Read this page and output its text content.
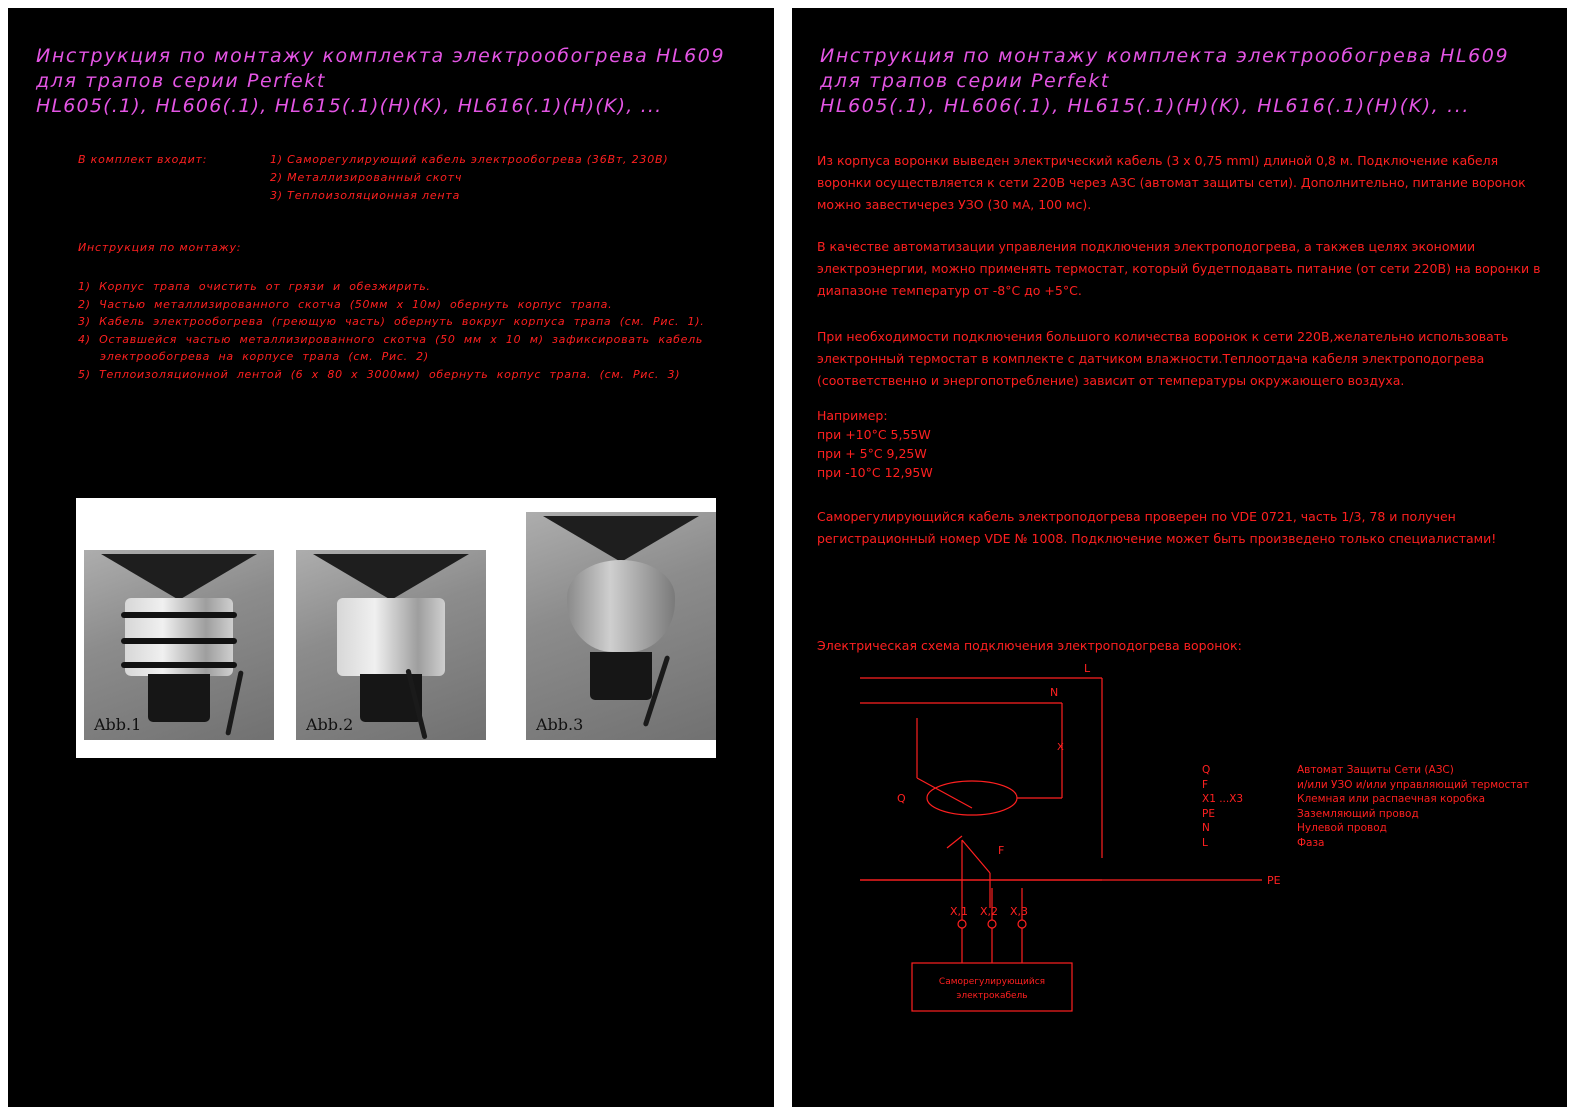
Инструкция по монтажу комплекта электрообогрева HL609
для трапов серии Perfekt
HL605(.1), HL606(.1), HL615(.1)(H)(K), HL616(.1)(H)(K), ...
В комплект входит:	1) Саморегулирующий кабель электрообогрева (36Вт, 230В)
2) Металлизированный скотч
3) Теплоизоляционная лента
Инструкция по монтажу:
1)  Корпус  трапа  очистить  от  грязи  и  обезжирить.
2)  Частью  металлизированного  скотча  (50мм  х  10м)  обернуть  корпус  трапа.
3)  Кабель  электрообогрева  (греющую  часть)  обернуть  вокруг  корпуса  трапа  (см.  Рис.  1).
4)  Оставшейся  частью  металлизированного  скотча  (50  мм  х  10  м)  зафиксировать  кабель
электрообогрева  на  корпусе  трапа  (см.  Рис.  2)
5)  Теплоизоляционной  лентой  (6  х  80  х  3000мм)  обернуть  корпус  трапа.  (см.  Рис.  3)
Abb.1	Abb.2	Abb.3
Инструкция по монтажу комплекта электрообогрева HL609
для трапов серии Perfekt
HL605(.1), HL606(.1), HL615(.1)(H)(K), HL616(.1)(H)(K), ...
Из корпуса воронки выведен электрический кабель (3 х 0,75 mmI) длиной 0,8 м. Подключение кабеля воронки осуществляется к сети 220В через АЗС (автомат защиты сети). Дополнительно, питание воронок можно завестичерез УЗО (30 мА, 100 мс).
В качестве автоматизации управления подключения электроподогрева, а такжев целях экономии электроэнергии, можно применять термостат, который будетподавать питание (от сети 220В) на воронки в диапазоне температур от -8°С до +5°С.
При необходимости подключения большого количества воронок к сети 220В,желательно использовать электронный термостат в комплекте с датчиком влажности.Теплоотдача кабеля электроподогрева (соответственно и энергопотребление) зависит от температуры окружающего воздуха.
Например:
при +10°С 5,55W
при + 5°С 9,25W
при -10°С 12,95W
Саморегулирующийся кабель электроподогрева проверен по VDE 0721, часть 1/3, 78 и получен регистрационный номер VDE № 1008. Подключение может быть произведено только специалистами!
Электрическая схема подключения электроподогрева воронок:
L
N
PE
Q
F
X,1 X,2 X,3
X
Саморегулирующийся
электрокабель
Q	Автомат Защиты Сети (АЗС)
F	и/или УЗО и/или управляющий термостат
X1 ...X3	Клемная или распаечная коробка
PE	Заземляющий провод
N	Нулевой провод
L	Фаза
